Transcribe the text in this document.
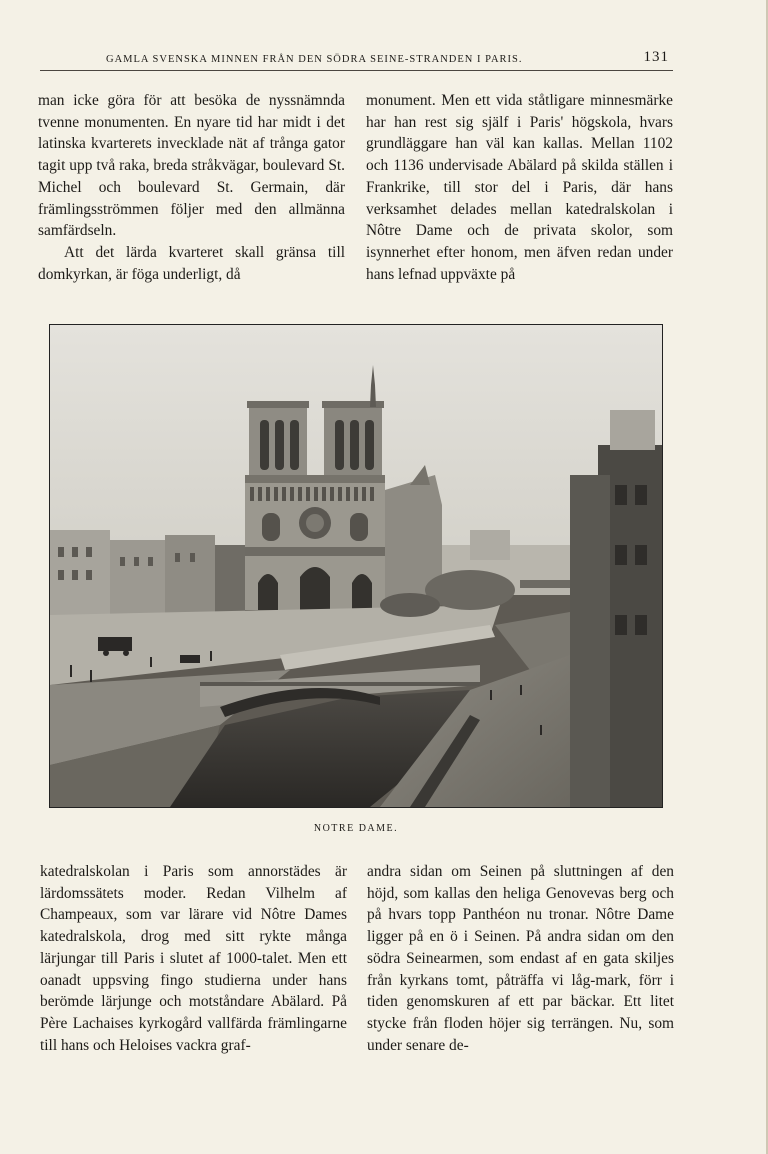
GAMLA SVENSKA MINNEN FRÅN DEN SÖDRA SEINE-STRANDEN I PARIS.	131

man icke göra för att besöka de nyssnämnda tvenne monumenten. En nyare tid har midt i det latinska kvarterets invecklade nät af trånga gator tagit upp två raka, breda stråkvägar, boulevard St. Michel och boulevard St. Germain, där främlingsströmmen följer med den allmänna samfärdseln.

Att det lärda kvarteret skall gränsa till domkyrkan, är föga underligt, då

monument. Men ett vida ståtligare minnesmärke har han rest sig själf i Paris' högskola, hvars grundläggare han väl kan kallas. Mellan 1102 och 1136 undervisade Abälard på skilda ställen i Frankrike, till stor del i Paris, där hans verksamhet delades mellan katedralskolan i Nôtre Dame och de privata skolor, som isynnerhet efter honom, men äfven redan under hans lefnad uppväxte på

NOTRE DAME.

katedralskolan i Paris som annorstädes är lärdomssätets moder. Redan Vilhelm af Champeaux, som var lärare vid Nôtre Dames katedralskola, drog med sitt rykte många lärjungar till Paris i slutet af 1000-talet. Men ett oanadt uppsving fingo studierna under hans berömde lärjunge och motståndare Abälard. På Père Lachaises kyrkogård vallfärda främlingarne till hans och Heloises vackra graf-

andra sidan om Seinen på sluttningen af den höjd, som kallas den heliga Genovevas berg och på hvars topp Panthéon nu tronar. Nôtre Dame ligger på en ö i Seinen. På andra sidan om den södra Seinearmen, som endast af en gata skiljes från kyrkans tomt, påträffa vi låg-mark, förr i tiden genomskuren af ett par bäckar. Ett litet stycke från floden höjer sig terrängen. Nu, som under senare de-
